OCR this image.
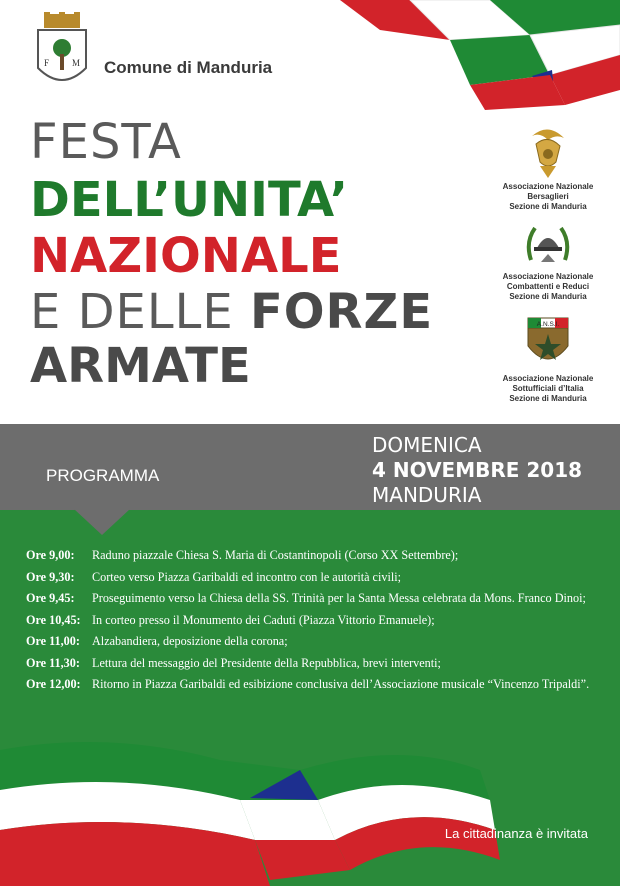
F	M Comune di Manduria
FESTA
DELL’UNITA’
NAZIONALE
E DELLE FORZE
ARMATE
Associazione Nazionale
Bersaglieri
Sezione di Manduria
Associazione Nazionale
Combattenti e Reduci
Sezione di Manduria
A.N.S.I.
Associazione Nazionale
Sottufficiali d’Italia
Sezione di Manduria
PROGRAMMA
DOMENICA
4 NOVEMBRE 2018
MANDURIA
Ore 9,00: Raduno piazzale Chiesa S. Maria di Costantinopoli (Corso XX Settembre);
Ore 9,30: Corteo verso Piazza Garibaldi ed incontro con le autorità civili;
Ore 9,45: Proseguimento verso la Chiesa della SS. Trinità per la Santa Messa celebrata da Mons. Franco Dinoi;
Ore 10,45: In corteo presso il Monumento dei Caduti (Piazza Vittorio Emanuele);
Ore 11,00: Alzabandiera, deposizione della corona;
Ore 11,30: Lettura del messaggio del Presidente della Repubblica, brevi interventi;
Ore 12,00: Ritorno in Piazza Garibaldi ed esibizione conclusiva dell’Associazione musicale “Vincenzo Tripaldi”.
La cittadinanza è invitata
